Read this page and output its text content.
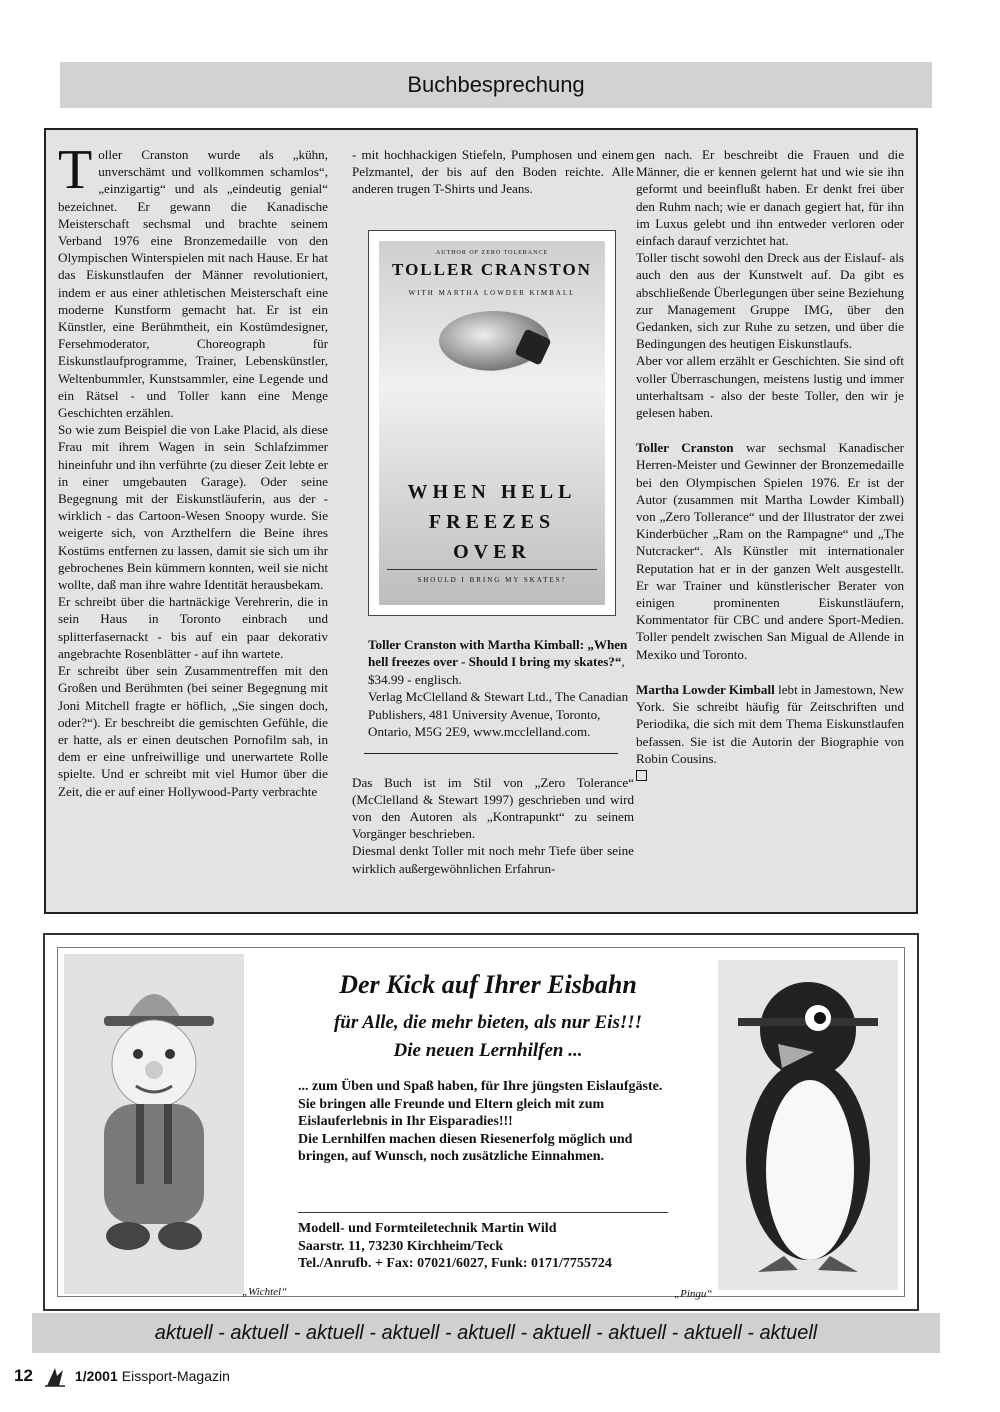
Buchbesprechung

Toller Cranston wurde als „kühn, unverschämt und vollkommen schamlos“, „einzigartig“ und als „eindeutig genial“ bezeichnet. Er gewann die Kanadische Meisterschaft sechsmal und brachte seinem Verband 1976 eine Bronzemedaille von den Olympischen Winterspielen mit nach Hause. Er hat das Eiskunstlaufen der Männer revolutioniert, indem er aus einer athletischen Meisterschaft eine moderne Kunstform gemacht hat. Er ist ein Künstler, eine Berühmtheit, ein Kostümdesigner, Fersehmoderator, Choreograph für Eiskunstlaufprogramme, Trainer, Lebenskünstler, Weltenbummler, Kunstsammler, eine Legende und ein Rätsel - und Toller kann eine Menge Geschichten erzählen.

So wie zum Beispiel die von Lake Placid, als diese Frau mit ihrem Wagen in sein Schlafzimmer hineinfuhr und ihn verführte (zu dieser Zeit lebte er in einer umgebauten Garage). Oder seine Begegnung mit der Eiskunstläuferin, aus der - wirklich - das Cartoon-Wesen Snoopy wurde. Sie weigerte sich, von Arzthelfern die Beine ihres Kostüms entfernen zu lassen, damit sie sich um ihr gebrochenes Bein kümmern konnten, weil sie nicht wollte, daß man ihre wahre Identität herausbekam.

Er schreibt über die hartnäckige Verehrerin, die in sein Haus in Toronto einbrach und splitterfasernackt - bis auf ein paar dekorativ angebrachte Rosenblätter - auf ihn wartete.

Er schreibt über sein Zusammentreffen mit den Großen und Berühmten (bei seiner Begegnung mit Joni Mitchell fragte er höflich, „Sie singen doch, oder?“). Er beschreibt die gemischten Gefühle, die er hatte, als er einen deutschen Pornofilm sah, in dem er eine unfreiwillige und unerwartete Rolle spielte. Und er schreibt mit viel Humor über die Zeit, die er auf einer Hollywood-Party verbrachte

- mit hochhackigen Stiefeln, Pumphosen und einem Pelzmantel, der bis auf den Boden reichte. Alle anderen trugen T-Shirts und Jeans.

AUTHOR OF ZERO TOLERANCE
TOLLER CRANSTON
WITH MARTHA LOWDER KIMBALL
WHEN HELL
FREEZES
OVER
SHOULD I BRING MY SKATES?
Toller Cranston with Martha Kimball: „When hell freezes over - Should I bring my skates?“, $34.99 - englisch.
Verlag McClelland & Stewart Ltd., The Canadian Publishers, 481 University Avenue, Toronto, Ontario, M5G 2E9, www.mcclelland.com.

Das Buch ist im Stil von „Zero Tolerance“ (McClelland & Stewart 1997) geschrieben und wird von den Autoren als „Kontrapunkt“ zu seinem Vorgänger beschrieben.

Diesmal denkt Toller mit noch mehr Tiefe über seine wirklich außergewöhnlichen Erfahrun-

gen nach. Er beschreibt die Frauen und die Männer, die er kennen gelernt hat und wie sie ihn geformt und beeinflußt haben. Er denkt frei über den Ruhm nach; wie er danach gegiert hat, für ihn im Luxus gelebt und ihn entweder verloren oder einfach darauf verzichtet hat.

Toller tischt sowohl den Dreck aus der Eislauf- als auch den aus der Kunstwelt auf. Da gibt es abschließende Überlegungen über seine Beziehung zur Management Gruppe IMG, über den Gedanken, sich zur Ruhe zu setzen, und über die Bedingungen des heutigen Eiskunstlaufs.

Aber vor allem erzählt er Geschichten. Sie sind oft voller Überraschungen, meistens lustig und immer unterhaltsam - also der beste Toller, den wir je gelesen haben.

Toller Cranston war sechsmal Kanadischer Herren-Meister und Gewinner der Bronzemedaille bei den Olympischen Spielen 1976. Er ist der Autor (zusammen mit Martha Lowder Kimball) von „Zero Tollerance“ und der Illustrator der zwei Kinderbücher „Ram on the Rampagne“ und „The Nutcracker“. Als Künstler mit internationaler Reputation hat er in der ganzen Welt ausgestellt. Er war Trainer und künstlerischer Berater von einigen prominenten Eiskunstläufern, Kommentator für CBC und andere Sport-Medien. Toller pendelt zwischen San Migual de Allende in Mexiko und Toronto.

Martha Lowder Kimball lebt in Jamestown, New York. Sie schreibt häufig für Zeitschriften und Periodika, die sich mit dem Thema Eiskunstlaufen befassen. Sie ist die Autorin der Biographie von Robin Cousins.

„Wichtel“
Der Kick auf Ihrer Eisbahn
für Alle, die mehr bieten, als nur Eis!!!
Die neuen Lernhilfen ...
... zum Üben und Spaß haben, für Ihre jüngsten Eislaufgäste.
Sie bringen alle Freunde und Eltern gleich mit zum Eislauferlebnis in Ihr Eisparadies!!!
Die Lernhilfen machen diesen Riesenerfolg möglich und bringen, auf Wunsch, noch zusätzliche Einnahmen.
Modell- und Formteiletechnik Martin Wild
Saarstr. 11, 73230 Kirchheim/Teck
Tel./Anrufb. + Fax: 07021/6027, Funk: 0171/7755724
„Pingu“
aktuell - aktuell - aktuell - aktuell - aktuell - aktuell - aktuell - aktuell - aktuell
12	1/2001 Eissport-Magazin
